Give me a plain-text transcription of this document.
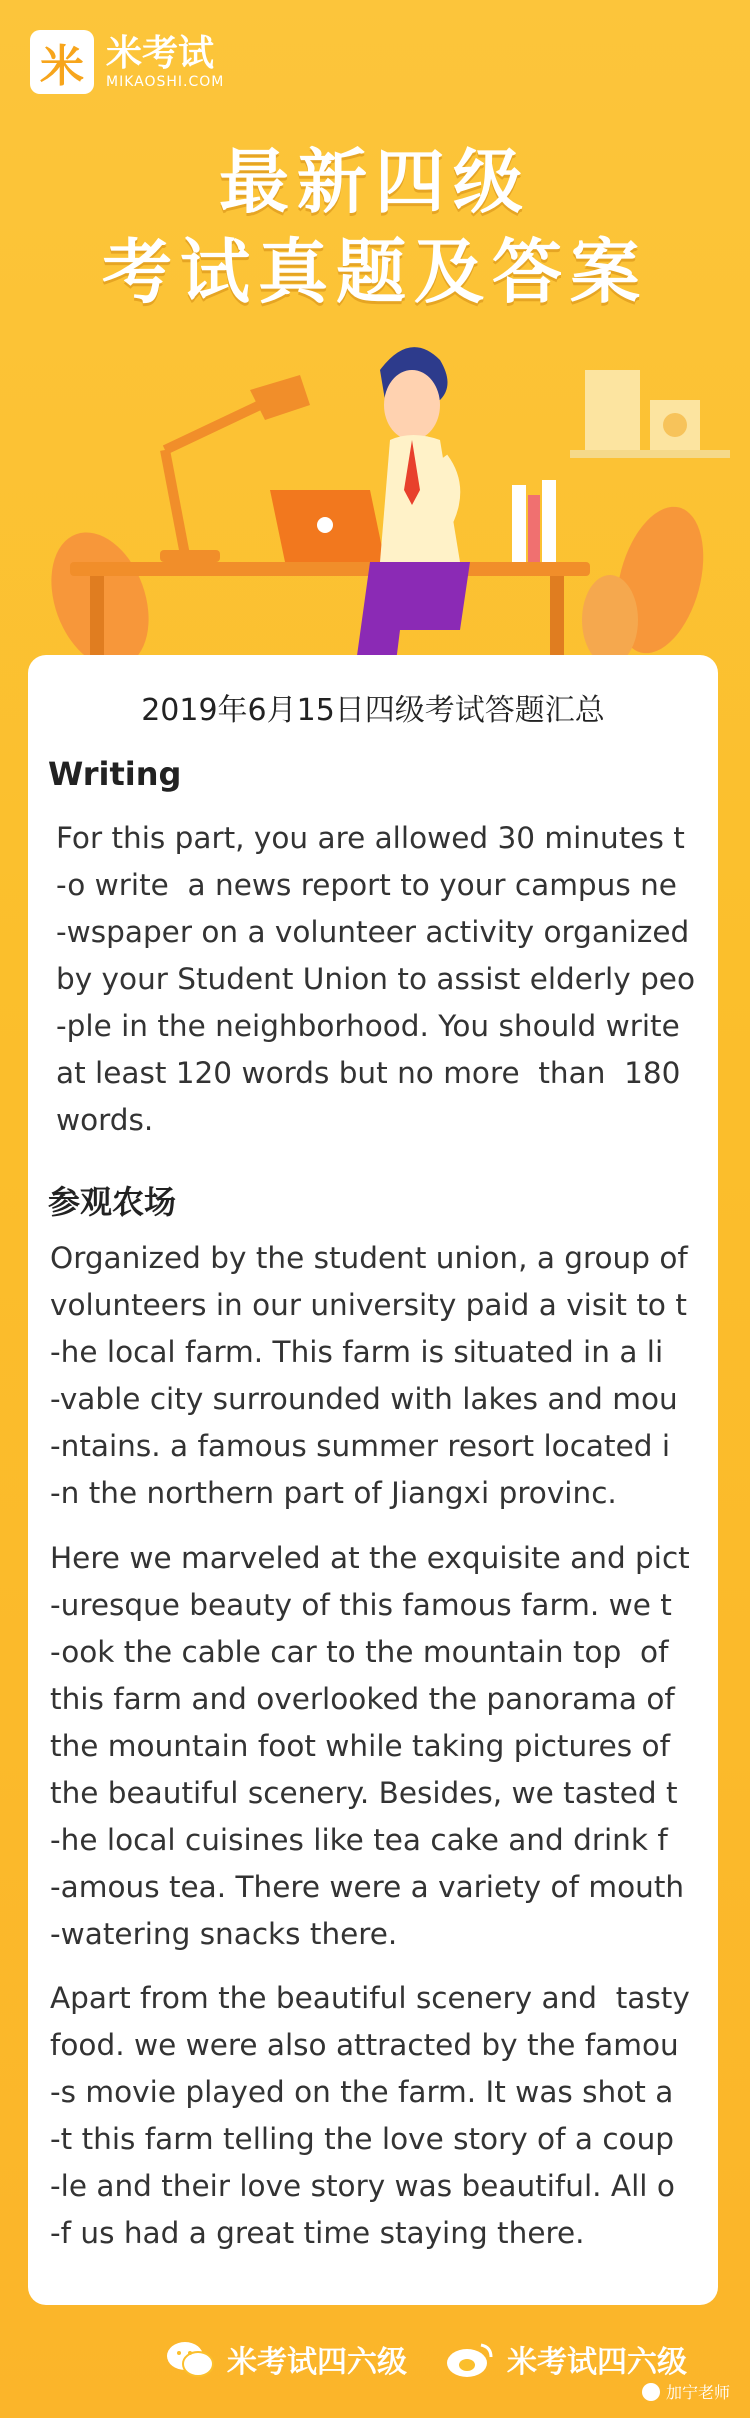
米 米考试
MIKAOSHI.COM
最新四级
考试真题及答案
2019年6月15日四级考试答题汇总
Writing
For this part, you are allowed 30 minutes t
-o write  a news report to your campus ne
-wspaper on a volunteer activity organized
by your Student Union to assist elderly peo
-ple in the neighborhood. You should write
at least 120 words but no more  than  180
words.
参观农场
Organized by the student union, a group of
volunteers in our university paid a visit to t
-he local farm. This farm is situated in a li
-vable city surrounded with lakes and mou
-ntains. a famous summer resort located i
-n the northern part of Jiangxi provinc.
Here we marveled at the exquisite and pict
-uresque beauty of this famous farm. we t
-ook the cable car to the mountain top  of
this farm and overlooked the panorama of
the mountain foot while taking pictures of
the beautiful scenery. Besides, we tasted t
-he local cuisines like tea cake and drink f
-amous tea. There were a variety of mouth
-watering snacks there.
Apart from the beautiful scenery and  tasty
food. we were also attracted by the famou
-s movie played on the farm. It was shot a
-t this farm telling the love story of a coup
-le and their love story was beautiful. All o
-f us had a great time staying there.
米考试四六级	米考试四六级
加宁老师
